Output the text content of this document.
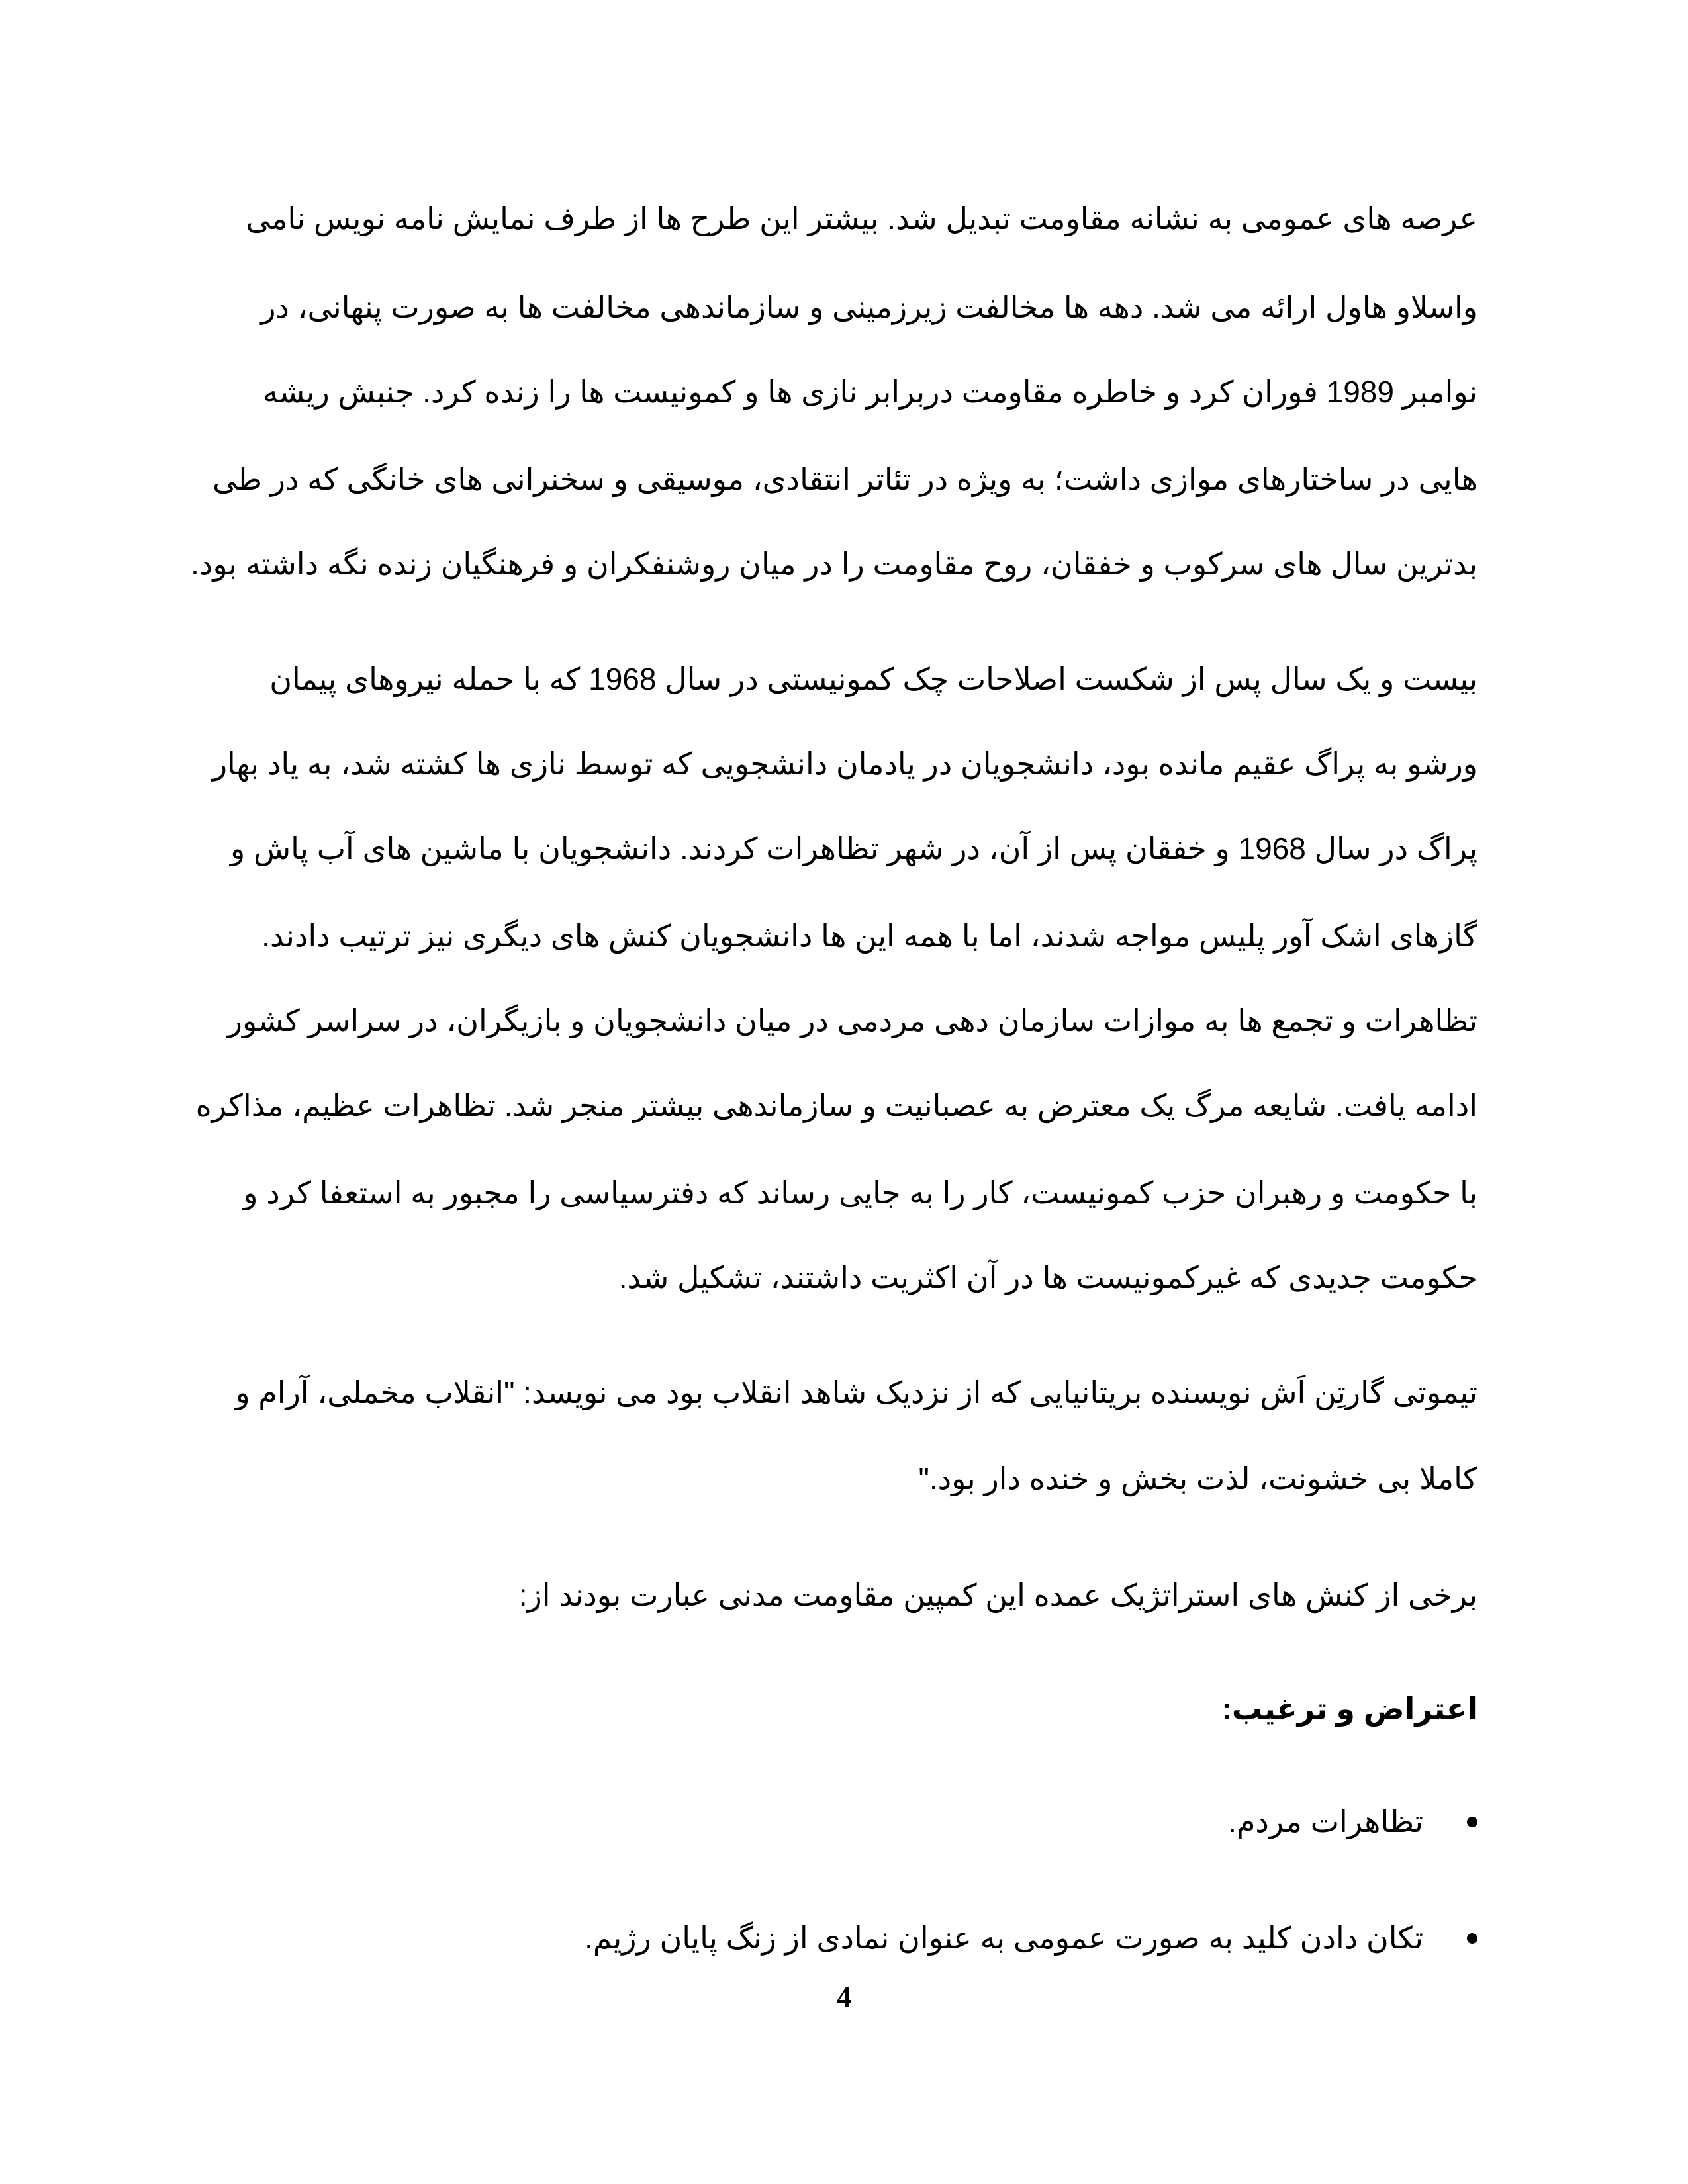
عرصه های عمومی به نشانه مقاومت تبدیل شد. بیشتر این طرح ها از طرف نمایش نامه نویس نامی
واسلاو هاول ارائه می شد. دهه ها مخالفت زیرزمینی و سازماندهی مخالفت ها به صورت پنهانی، در
نوامبر 1989 فوران کرد و خاطره مقاومت دربرابر نازی ها و کمونیست ها را زنده کرد. جنبش ریشه
هایی در ساختارهای موازی داشت؛ به ویژه در تئاتر انتقادی، موسیقی و سخنرانی های خانگی که در طی
بدترین سال های سرکوب و خفقان، روح مقاومت را در میان روشنفکران و فرهنگیان زنده نگه داشته بود.
بیست و یک سال پس از شکست اصلاحات چک کمونیستی در سال 1968 که با حمله نیروهای پیمان
ورشو به پراگ عقیم مانده بود، دانشجویان در یادمان دانشجویی که توسط نازی ها کشته شد، به یاد بهار
پراگ در سال 1968 و خفقان پس از آن، در شهر تظاهرات کردند. دانشجویان با ماشین های آب پاش و
گازهای اشک آور پلیس مواجه شدند، اما با همه این ها دانشجویان کنش های دیگری نیز ترتیب دادند.
تظاهرات و تجمع ها به موازات سازمان دهی مردمی در میان دانشجویان و بازیگران، در سراسر کشور
ادامه یافت. شایعه مرگ یک معترض به عصبانیت و سازماندهی بیشتر منجر شد. تظاهرات عظیم، مذاکره
با حکومت و رهبران حزب کمونیست، کار را به جایی رساند که دفترسیاسی را مجبور به استعفا کرد و
حکومت جدیدی که غیرکمونیست ها در آن اکثریت داشتند، تشکیل شد.
تیموتی گارتِن اَش نویسنده بریتانیایی که از نزدیک شاهد انقلاب بود می نویسد: "انقلاب مخملی، آرام و
کاملا بی خشونت، لذت بخش و خنده دار بود."
برخی از کنش های استراتژیک عمده این کمپین مقاومت مدنی عبارت بودند از:
اعتراض و ترغیب:
تظاهرات مردم.
تکان دادن کلید به صورت عمومی به عنوان نمادی از زنگ پایان رژیم.
4
